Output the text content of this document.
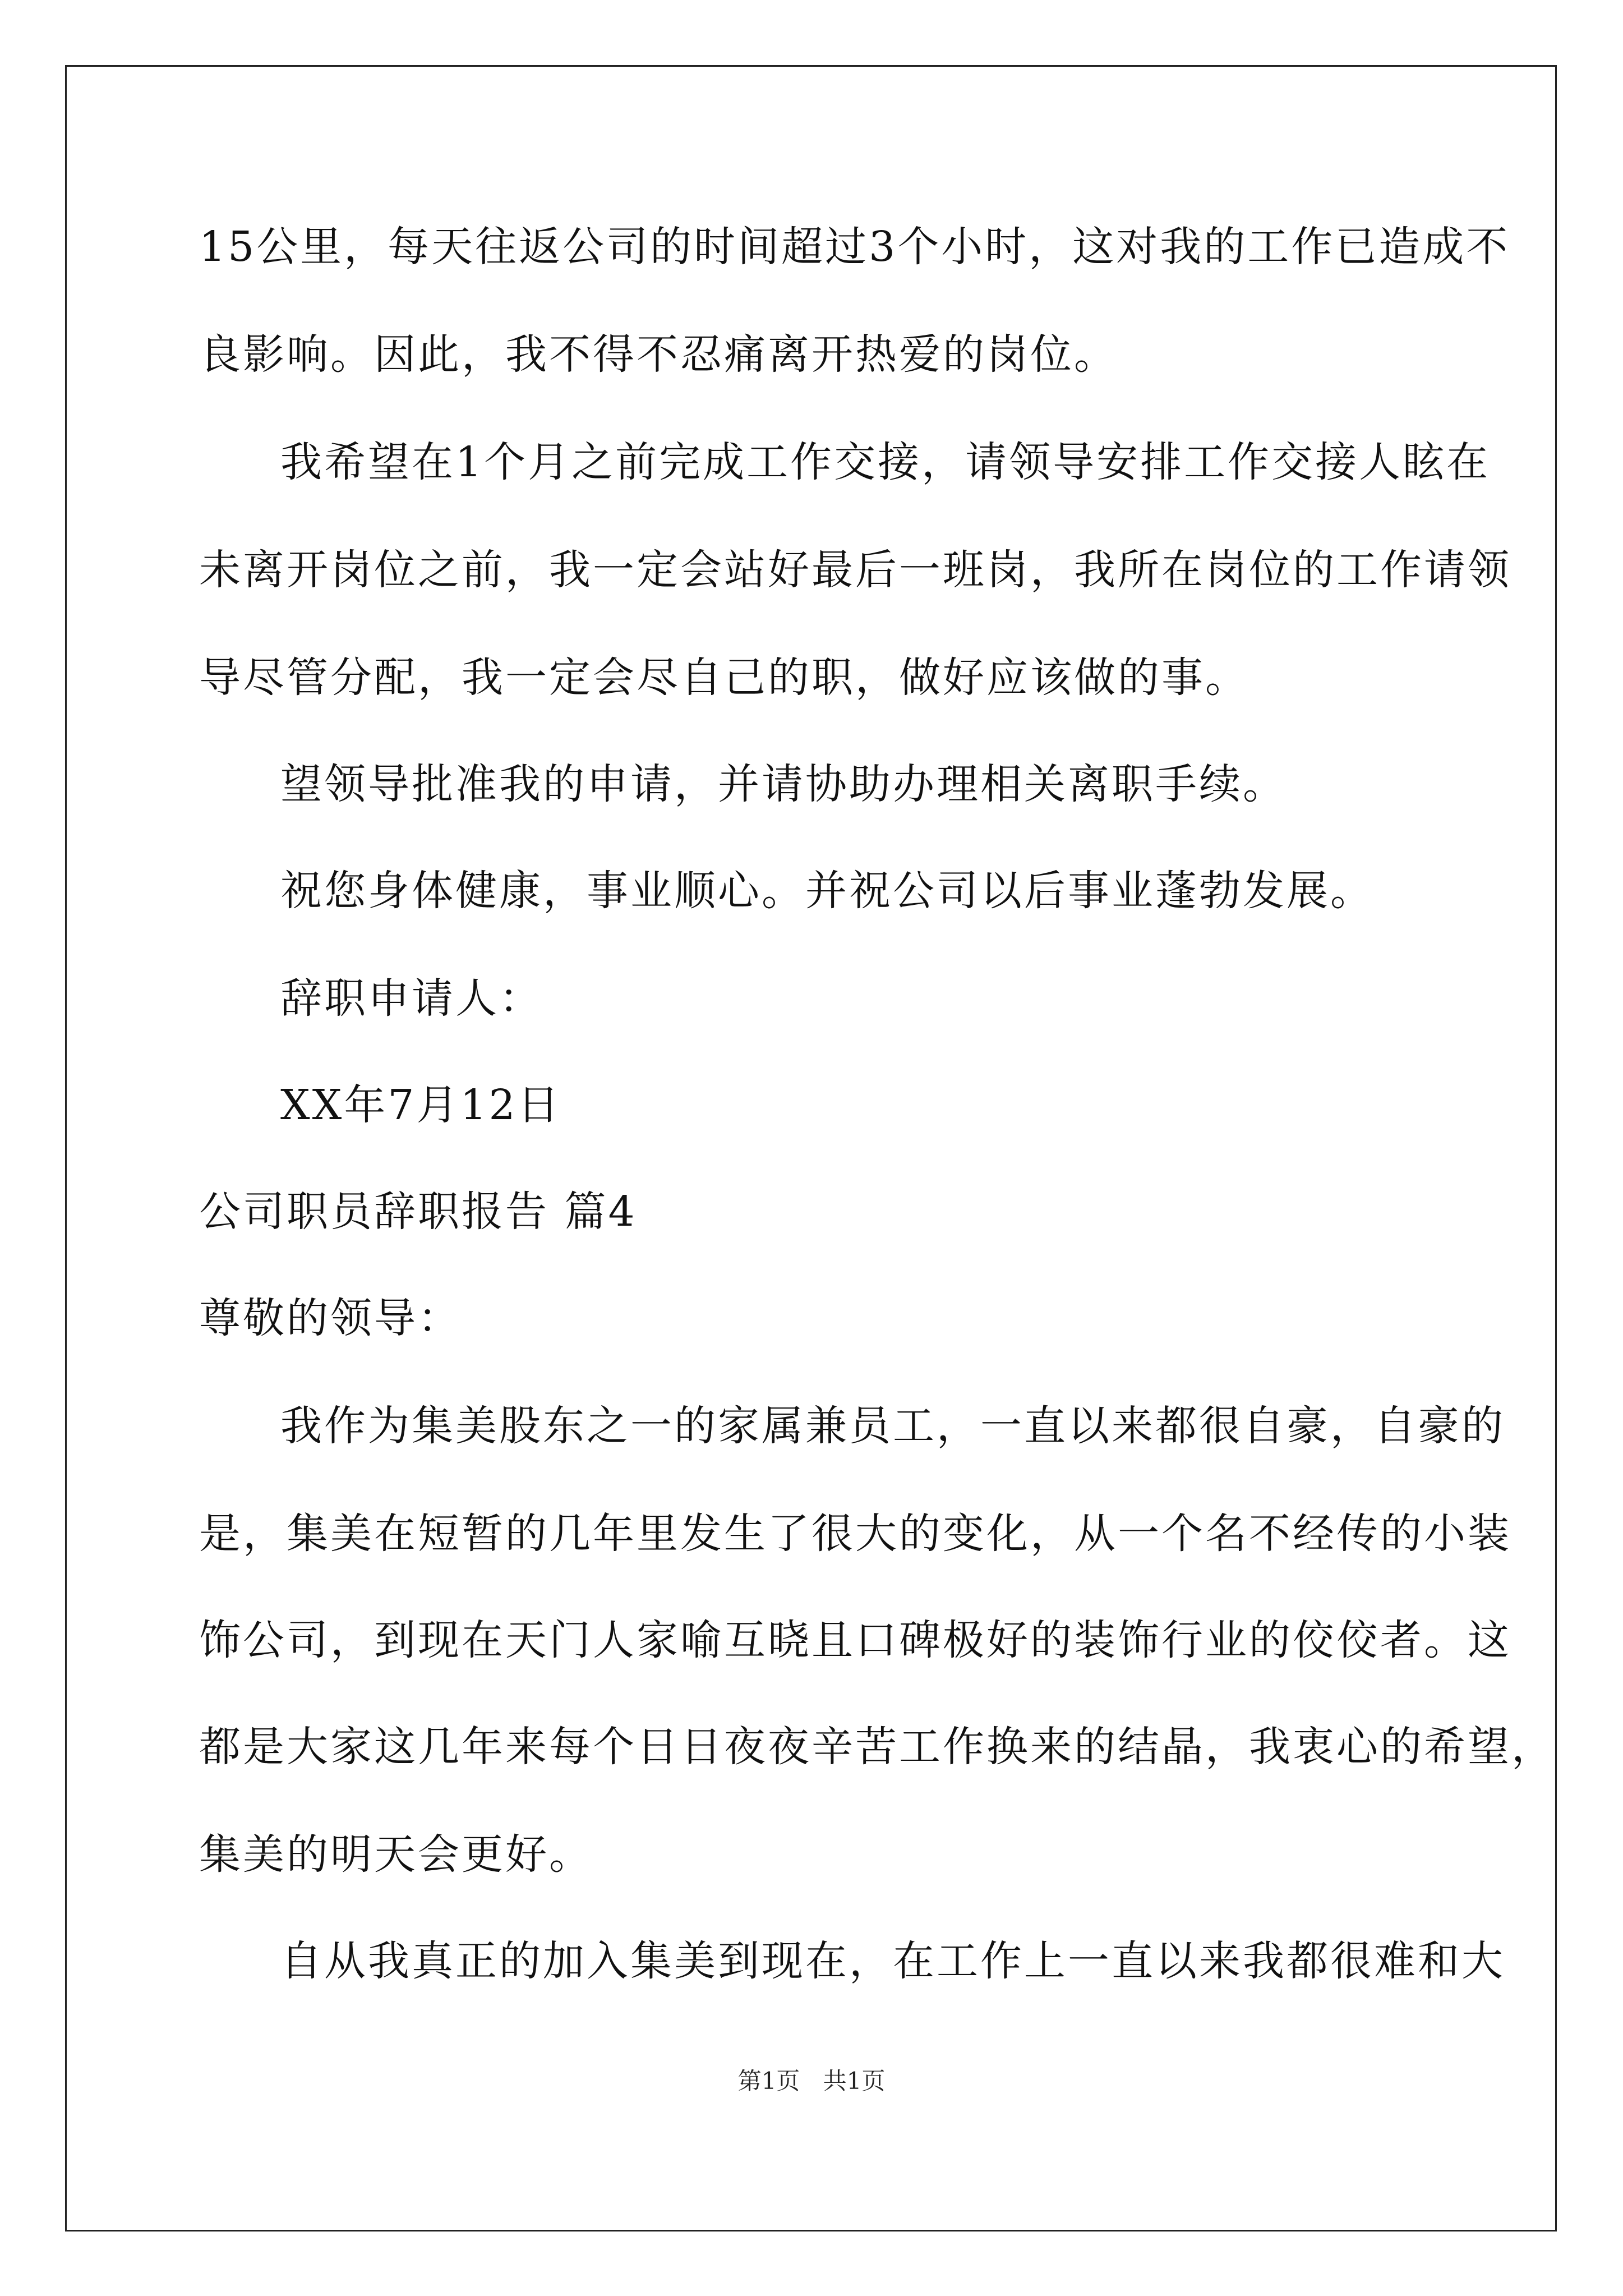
15公里，每天往返公司的时间超过3个小时，这对我的工作已造成不
良影响。因此，我不得不忍痛离开热爱的岗位。
我希望在1个月之前完成工作交接，请领导安排工作交接人眩在
未离开岗位之前，我一定会站好最后一班岗，我所在岗位的工作请领
导尽管分配，我一定会尽自己的职，做好应该做的事。
望领导批准我的申请，并请协助办理相关离职手续。
祝您身体健康，事业顺心。并祝公司以后事业蓬勃发展。
辞职申请人：
XX年7月12日
公司职员辞职报告 篇4
尊敬的领导：
我作为集美股东之一的家属兼员工，一直以来都很自豪，自豪的
是，集美在短暂的几年里发生了很大的变化，从一个名不经传的小装
饰公司，到现在天门人家喻互晓且口碑极好的装饰行业的佼佼者。这
都是大家这几年来每个日日夜夜辛苦工作换来的结晶，我衷心的希望，
集美的明天会更好。
自从我真正的加入集美到现在，在工作上一直以来我都很难和大
第1页 共1页
